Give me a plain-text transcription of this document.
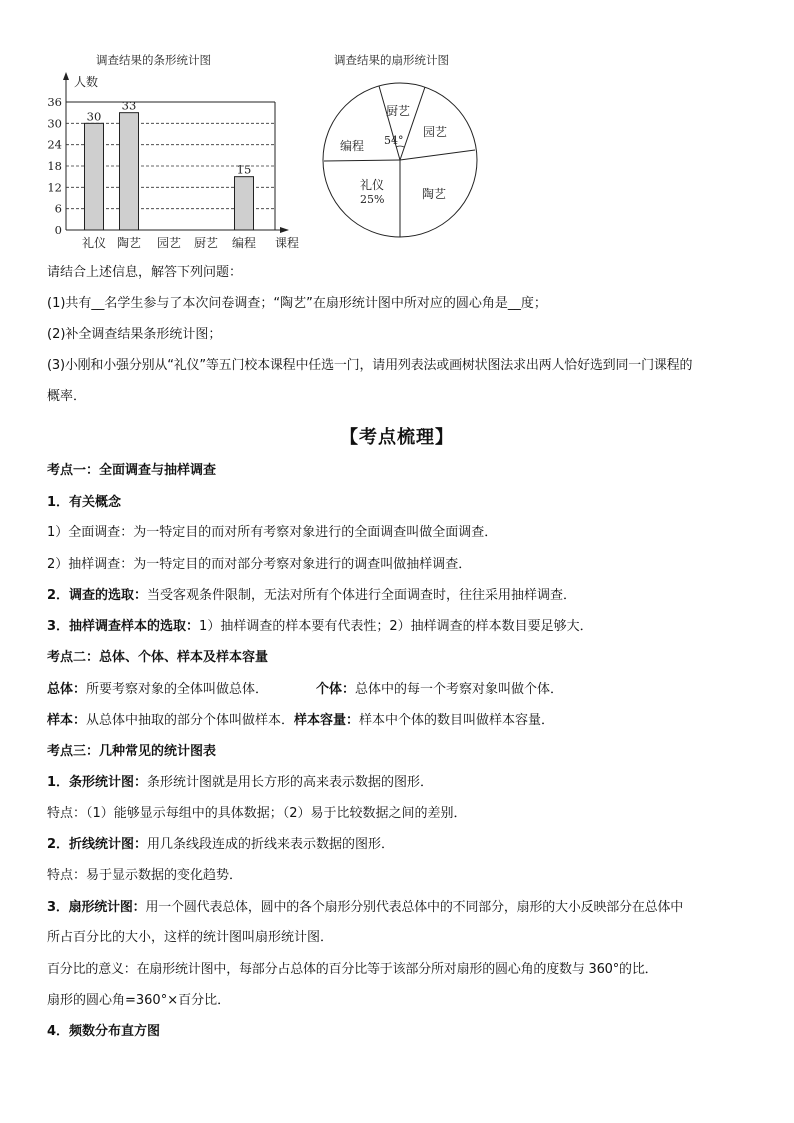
调查结果的条形统计图
0
6
12
18
24
30
36
30
礼仪
33
陶艺 园艺 厨艺
15
编程
人数
课程
调查结果的扇形统计图
厨艺
园艺
陶艺
礼仪
编程 54°
25%
请结合上述信息，解答下列问题：
(1)共有__名学生参与了本次问卷调查；“陶艺”在扇形统计图中所对应的圆心角是__度；
(2)补全调查结果条形统计图；
(3)小刚和小强分别从“礼仪”等五门校本课程中任选一门，请用列表法或画树状图法求出两人恰好选到同一门课程的
概率．
【考点梳理】
考点一：全面调查与抽样调查
1．有关概念
1）全面调查：为一特定目的而对所有考察对象进行的全面调查叫做全面调查．
2）抽样调查：为一特定目的而对部分考察对象进行的调查叫做抽样调查．
2．调查的选取：当受客观条件限制，无法对所有个体进行全面调查时，往往采用抽样调查．
3．抽样调查样本的选取：1）抽样调查的样本要有代表性；2）抽样调查的样本数目要足够大．
考点二：总体、个体、样本及样本容量
总体：所要考察对象的全体叫做总体．	个体：总体中的每一个考察对象叫做个体．
样本：从总体中抽取的部分个体叫做样本．样本容量：样本中个体的数目叫做样本容量．
考点三：几种常见的统计图表
1．条形统计图：条形统计图就是用长方形的高来表示数据的图形．
特点：（1）能够显示每组中的具体数据；（2）易于比较数据之间的差别．
2．折线统计图：用几条线段连成的折线来表示数据的图形．
特点：易于显示数据的变化趋势．
3．扇形统计图：用一个圆代表总体，圆中的各个扇形分别代表总体中的不同部分，扇形的大小反映部分在总体中
所占百分比的大小，这样的统计图叫扇形统计图．
百分比的意义：在扇形统计图中，每部分占总体的百分比等于该部分所对扇形的圆心角的度数与 360°的比．
扇形的圆心角=360°×百分比．
4．频数分布直方图
